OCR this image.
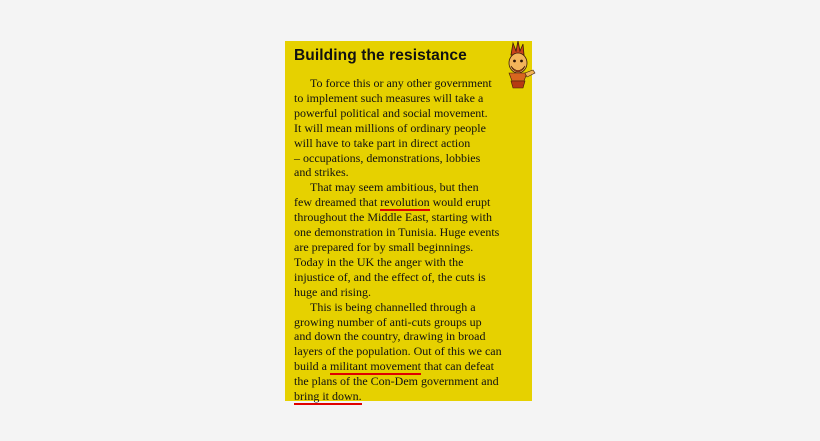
Building the resistance

To force this or any other government
to implement such measures will take a
powerful political and social movement.
It will mean millions of ordinary people
will have to take part in direct action
– occupations, demonstrations, lobbies
and strikes.

That may seem ambitious, but then
few dreamed that revolution would erupt
throughout the Middle East, starting with
one demonstration in Tunisia. Huge events
are prepared for by small beginnings.
Today in the UK the anger with the
injustice of, and the effect of, the cuts is
huge and rising.

This is being channelled through a
growing number of anti-cuts groups up
and down the country, drawing in broad
layers of the population. Out of this we can
build a militant movement that can defeat
the plans of the Con-Dem government and
bring it down.
